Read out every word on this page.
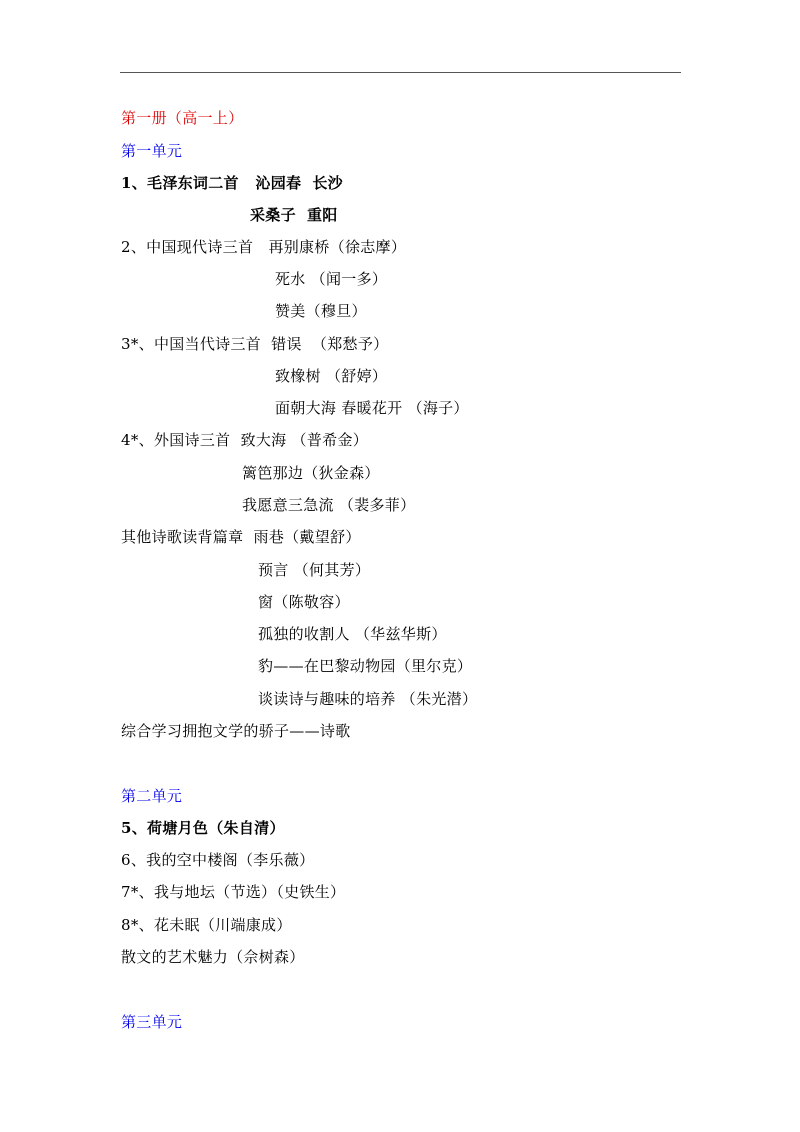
第一册（高一上）
第一单元
1、毛泽东词二首   沁园春  长沙
采桑子  重阳
2、中国现代诗三首   再别康桥（徐志摩）
死水 （闻一多）
赞美（穆旦）
3*、中国当代诗三首  错误  （郑愁予）
致橡树 （舒婷）
面朝大海 春暖花开 （海子）
4*、外国诗三首  致大海 （普希金）
篱笆那边（狄金森）
我愿意三急流 （裴多菲）
其他诗歌读背篇章  雨巷（戴望舒）
预言 （何其芳）
窗（陈敬容）
孤独的收割人 （华兹华斯）
豹——在巴黎动物园（里尔克）
谈读诗与趣味的培养 （朱光潜）
综合学习拥抱文学的骄子——诗歌
第二单元
5、荷塘月色（朱自清）
6、我的空中楼阁（李乐薇）
7*、我与地坛（节选）（史铁生）
8*、花未眠（川端康成）
散文的艺术魅力（佘树森）
第三单元
